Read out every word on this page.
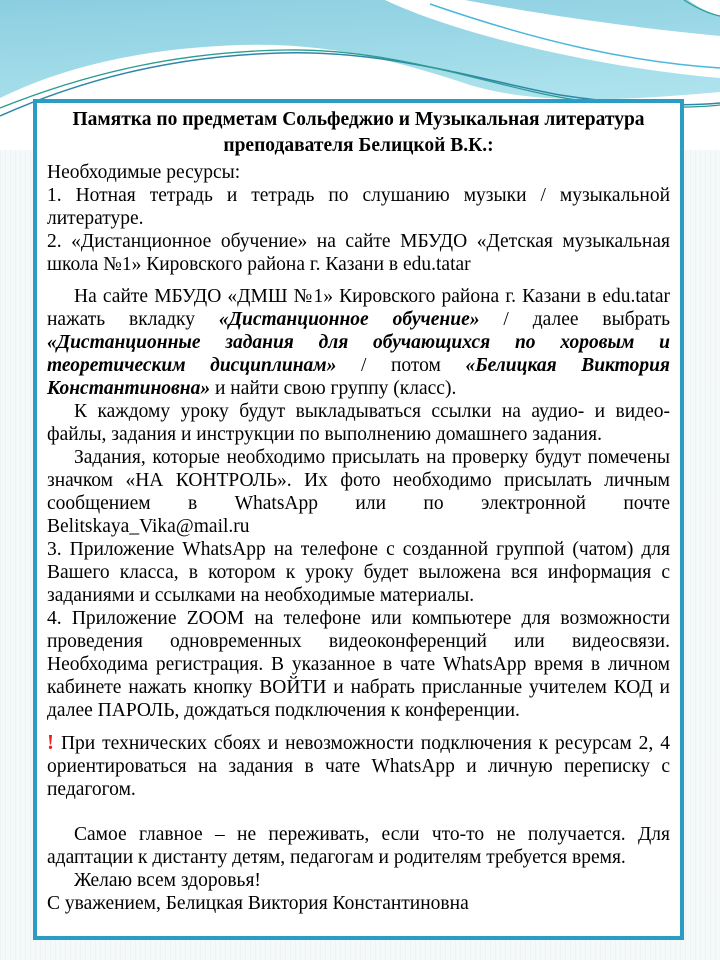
Памятка по предметам Сольфеджио и Музыкальная литература
преподавателя Белицкой В.К.:

Необходимые ресурсы:

1. Нотная тетрадь и тетрадь по слушанию музыки / музыкальной литературе.

2. «Дистанционное обучение» на сайте МБУДО «Детская музыкальная школа №1» Кировского района г. Казани в edu.tatar

На сайте МБУДО «ДМШ №1» Кировского района г. Казани в edu.tatar нажать вкладку «Дистанционное обучение» / далее выбрать «Дистанционные задания для обучающихся по хоровым и теоретическим дисциплинам» / потом «Белицкая Виктория Константиновна» и найти свою группу (класс).

К каждому уроку будут выкладываться ссылки на аудио- и видео-файлы, задания и инструкции по выполнению домашнего задания.

Задания, которые необходимо присылать на проверку будут помечены значком «НА КОНТРОЛЬ». Их фото необходимо присылать личным сообщением в WhatsApp или по электронной почте Belitskaya_Vika@mail.ru

3. Приложение WhatsApp на телефоне с созданной группой (чатом) для Вашего класса, в котором к уроку будет выложена вся информация с заданиями и ссылками на необходимые материалы.

4. Приложение ZOOM на телефоне или компьютере для возможности проведения одновременных видеоконференций или видеосвязи. Необходима регистрация. В указанное в чате WhatsApp время в личном кабинете нажать кнопку ВОЙТИ и набрать присланные учителем КОД и далее ПАРОЛЬ, дождаться подключения к конференции.

! При технических сбоях и невозможности подключения к ресурсам 2, 4 ориентироваться на задания в чате WhatsApp и личную переписку с педагогом.

Самое главное – не переживать, если что-то не получается. Для адаптации к дистанту детям, педагогам и родителям требуется время.

Желаю всем здоровья!

С уважением, Белицкая Виктория Константиновна
